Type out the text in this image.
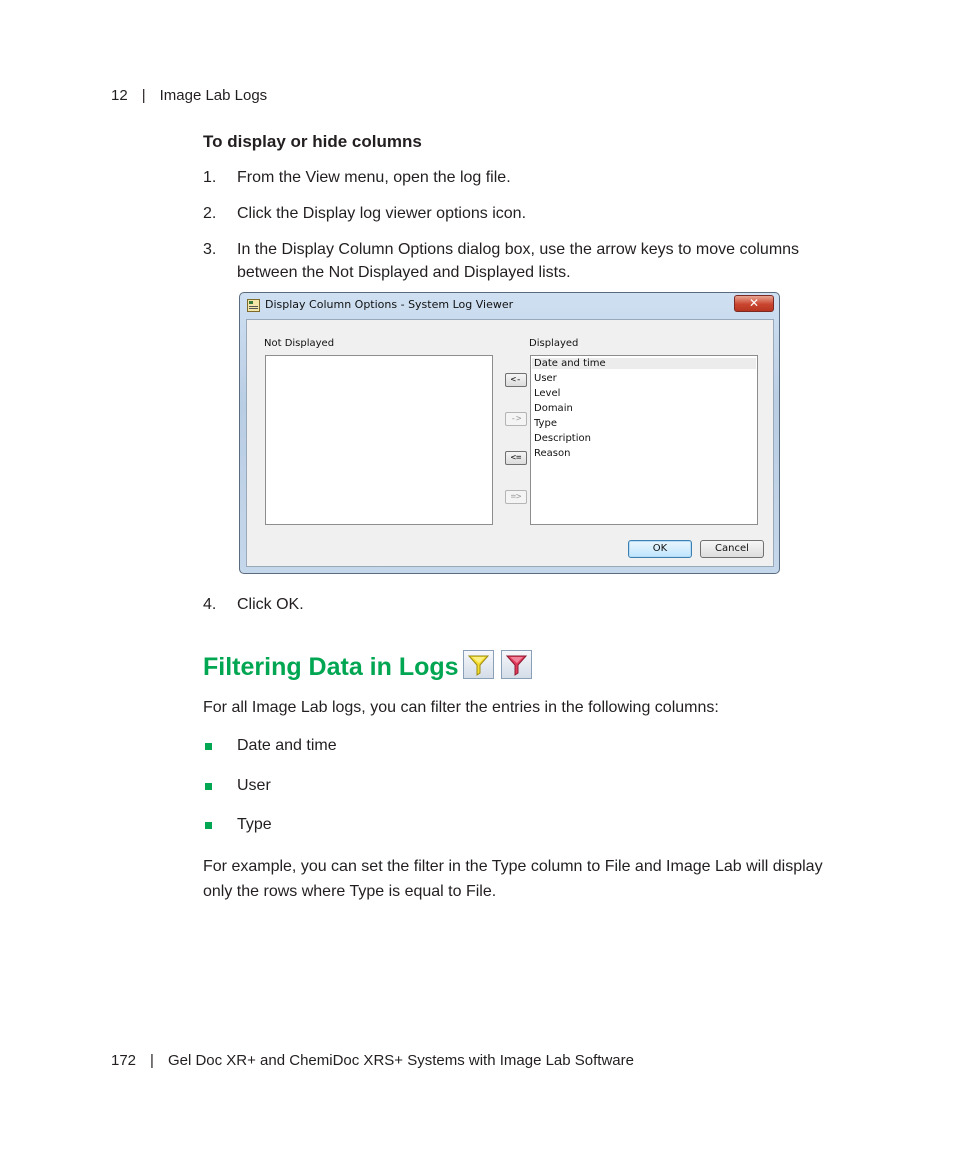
12 | Image Lab Logs
To display or hide columns
1. From the View menu, open the log file.
2. Click the Display log viewer options icon.
3. In the Display Column Options dialog box, use the arrow keys to move columns between the Not Displayed and Displayed lists.
Display Column Options - System Log Viewer	✕
Not Displayed	Displayed
Date and time
User
Level
Domain
Type
Description
Reason
<-
->
<=
=>
OK	Cancel
4. Click OK.
Filtering Data in Logs
For all Image Lab logs, you can filter the entries in the following columns:
Date and time
User
Type
For example, you can set the filter in the Type column to File and Image Lab will display only the rows where Type is equal to File.
172 | Gel Doc XR+ and ChemiDoc XRS+ Systems with Image Lab Software
